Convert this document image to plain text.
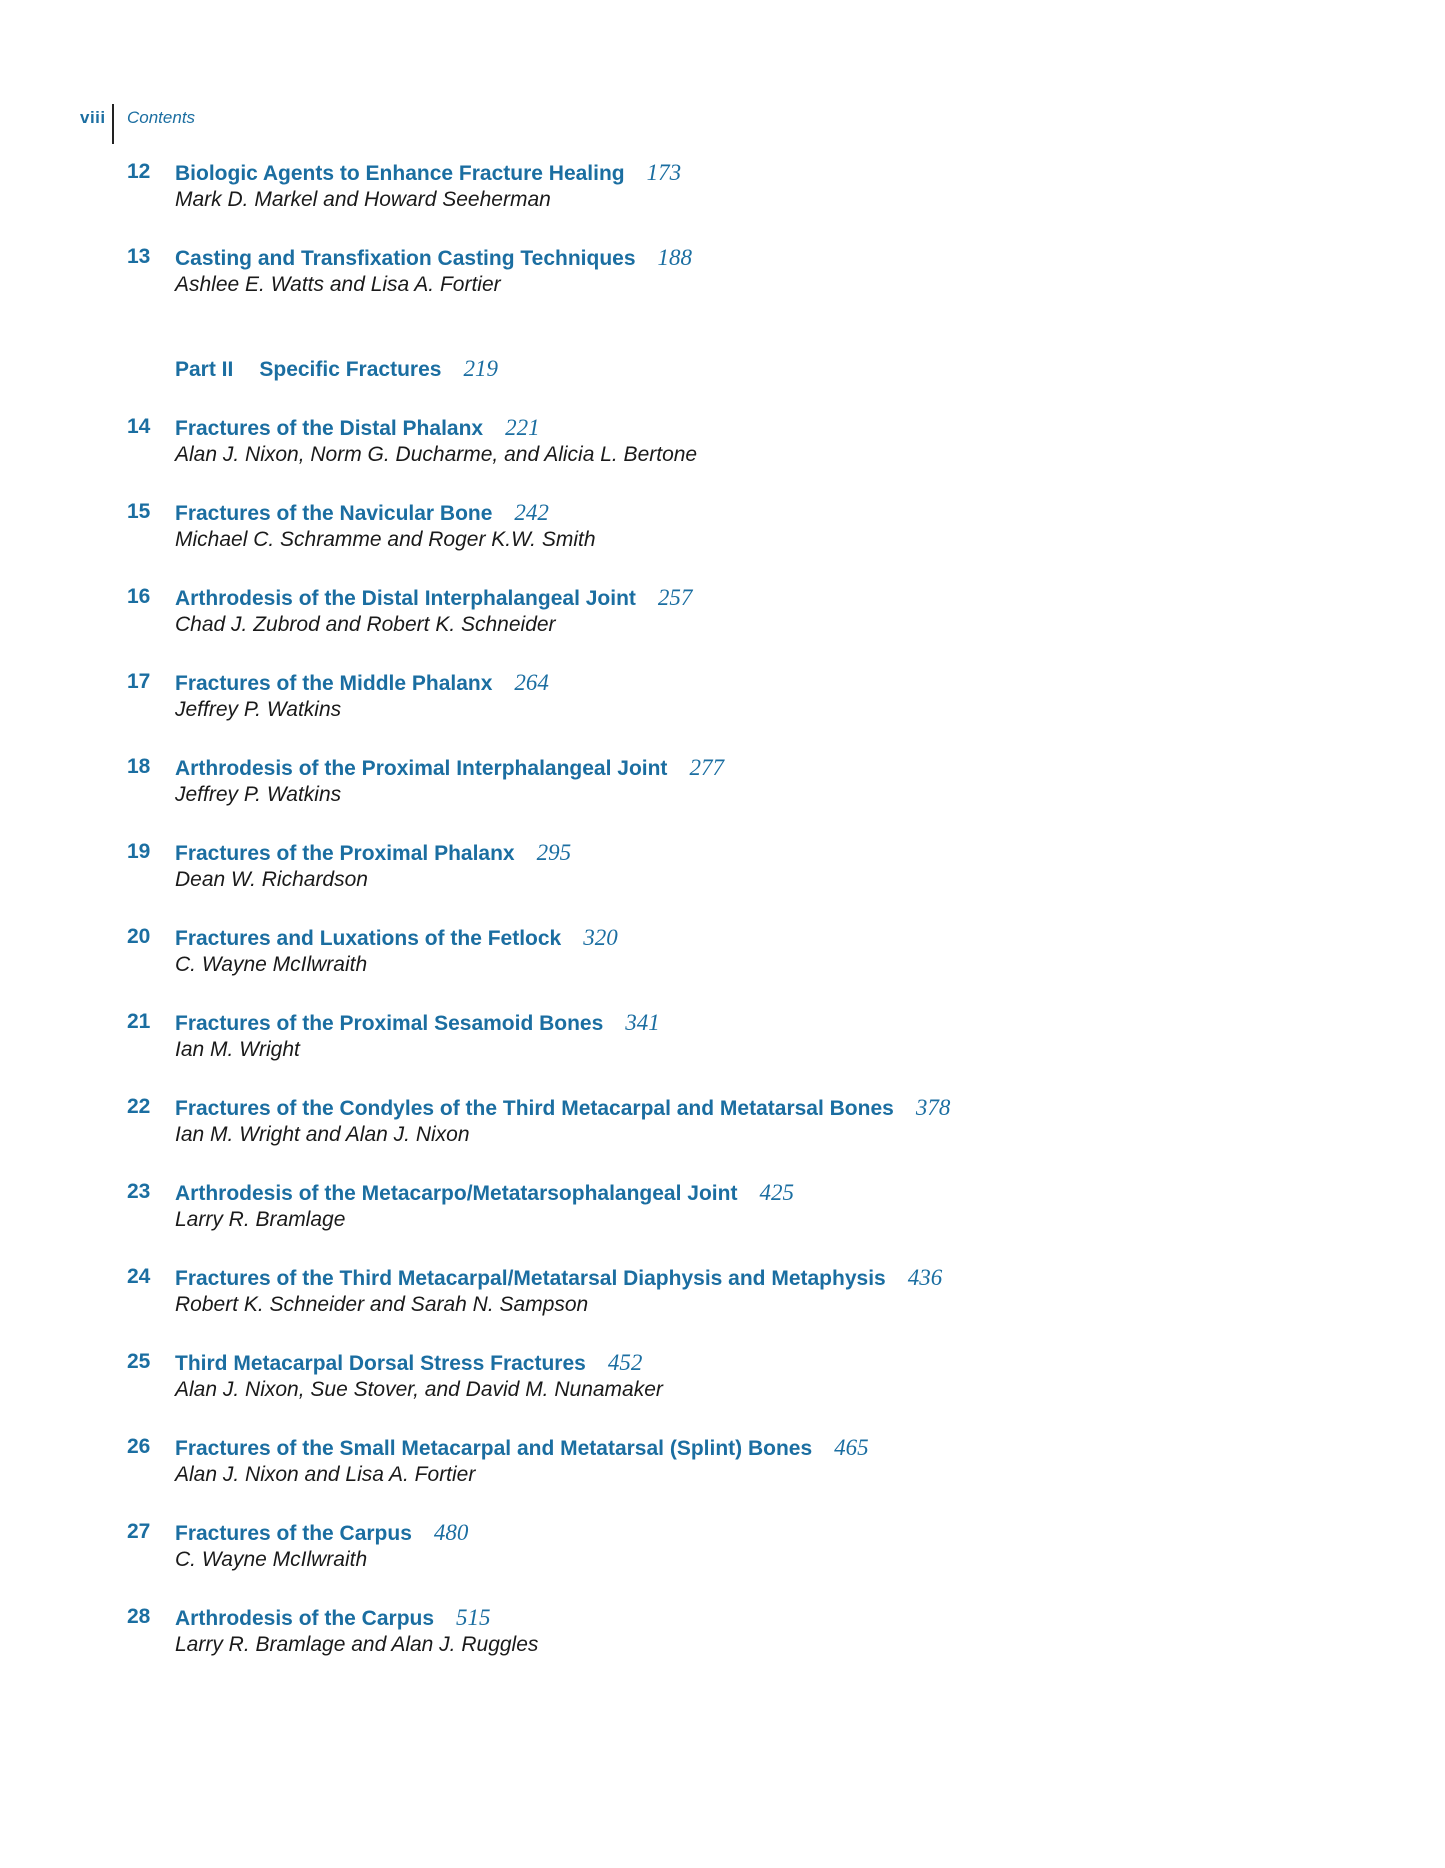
viii Contents
12 Biologic Agents to Enhance Fracture Healing 173
Mark D. Markel and Howard Seeherman
13 Casting and Transfixation Casting Techniques 188
Ashlee E. Watts and Lisa A. Fortier
Part II Specific Fractures 219
14 Fractures of the Distal Phalanx 221
Alan J. Nixon, Norm G. Ducharme, and Alicia L. Bertone
15 Fractures of the Navicular Bone 242
Michael C. Schramme and Roger K.W. Smith
16 Arthrodesis of the Distal Interphalangeal Joint 257
Chad J. Zubrod and Robert K. Schneider
17 Fractures of the Middle Phalanx 264
Jeffrey P. Watkins
18 Arthrodesis of the Proximal Interphalangeal Joint 277
Jeffrey P. Watkins
19 Fractures of the Proximal Phalanx 295
Dean W. Richardson
20 Fractures and Luxations of the Fetlock 320
C. Wayne McIlwraith
21 Fractures of the Proximal Sesamoid Bones 341
Ian M. Wright
22 Fractures of the Condyles of the Third Metacarpal and Metatarsal Bones 378
Ian M. Wright and Alan J. Nixon
23 Arthrodesis of the Metacarpo/Metatarsophalangeal Joint 425
Larry R. Bramlage
24 Fractures of the Third Metacarpal/Metatarsal Diaphysis and Metaphysis 436
Robert K. Schneider and Sarah N. Sampson
25 Third Metacarpal Dorsal Stress Fractures 452
Alan J. Nixon, Sue Stover, and David M. Nunamaker
26 Fractures of the Small Metacarpal and Metatarsal (Splint) Bones 465
Alan J. Nixon and Lisa A. Fortier
27 Fractures of the Carpus 480
C. Wayne McIlwraith
28 Arthrodesis of the Carpus 515
Larry R. Bramlage and Alan J. Ruggles
